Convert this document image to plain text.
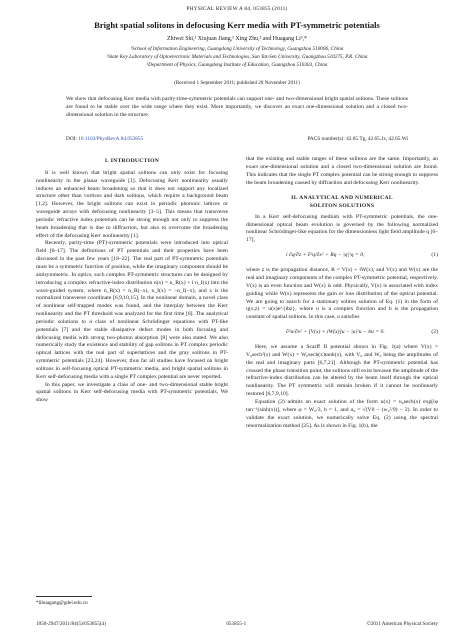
PHYSICAL REVIEW A 84, 053855 (2011)
Bright spatial solitons in defocusing Kerr media with PT-symmetric potentials
Zhiwei Shi,¹ Xiujuan Jiang,¹ Xing Zhu,² and Huagang Li³,*
¹School of Information Engineering, Guangdong University of Technology, Guangzhou 510006, China
²State Key Laboratory of Optoelectronic Materials and Technologies, Sun Yat-Sen University, Guangzhou 510275, P.R. China
³Department of Physics, Guangdong Institute of Education, Guangzhou 510303, China
(Received 1 September 2011; published 28 November 2011)
We show that defocusing Kerr media with parity-time-symmetric potentials can support one- and two-dimensional bright spatial solitons. These solitons are found to be stable over the wide range where they exist. More importantly, we discover an exact one-dimensional solution and a closed two-dimensional solution in the structure.
DOI: 10.1103/PhysRevA.84.053855	PACS number(s): 42.65.Tg, 42.65.Jx, 42.65.Wi
I. INTRODUCTION

It is well known that bright spatial solitons can only exist for focusing nonlinearity in the planar waveguide [1]. Defocusing Kerr nonlinearity usually induces an enhanced beam broadening so that it does not support any localized structure other than vortices and dark solitons, which require a background beam [1,2]. However, the bright solitons can exist in periodic photonic lattices or waveguide arrays with defocusing nonlinearity [3–5]. This means that transverse periodic refractive index potentials can be strong enough not only to suppress the beam broadening that is due to diffraction, but also to overcome the broadening effect of the defocusing Kerr nonlinearity [1].

Recently, parity-time (PT)-symmetric potentials were introduced into optical field [6–17]. The definitions of PT potentials and their properties have been discussed in the past few years [18–22]. The real part of PT-symmetric potentials must be a symmetric function of position, while the imaginary component should be antisymmetric. In optics, such complex PT-symmetric structures can be designed by introducing a complex refractive-index distribution n(x) = n_R(x) + i n_I(x) into the wave-guided system, where n_R(x) = n_R(−x), n_I(x) = −n_I(−x), and x is the normalized transverse coordinate [6,9,10,15]. In the nonlinear domain, a novel class of nonlinear self-trapped modes was found, and the interplay between the Kerr nonlinearity and the PT threshold was analyzed for the first time [6]. The analytical periodic solutions to a class of nonlinear Schrödinger equations with PT-like potentials [7] and the stable dissipative defect modes in both focusing and defocusing media with strong two-photon absorption [8] were also stated. We also numerically study the existence and stability of gap solitons in PT complex periodic optical lattices with the real part of superlattices and the gray solitons in PT-symmetric potentials [23,24]. However, thus far all studies have focused on bright solitons in self-focusing optical PT-symmetric media, and bright spatial solitons in Kerr self-defocusing media with a single PT complex potential are never reported.

In this paper, we investigate a class of one- and two-dimensional stable bright spatial solitons in Kerr self-defocusing media with PT-symmetric potentials. We show

that the existing and stable ranges of these solitons are the same. Importantly, an exact one-dimensional solution and a closed two-dimensional solution are found. This indicates that the single PT complex potential can be strong enough to suppress the beam broadening caused by diffraction and defocusing Kerr nonlinearity.

II. ANALYTICAL AND NUMERICAL
SOLITON SOLUTIONS

In a Kerr self-defocusing medium with PT-symmetric potentials, the one-dimensional optical beam evolution is governed by the following normalized nonlinear Schrödinger-like equation for the dimensionless light field amplitude q [6–17],

i ∂q/∂z + ∂²q/∂x² + Rq − |q|²q = 0,	(1)

where z is the propagation distance, R = V(x) + iW(x), and V(x) and W(x) are the real and imaginary components of the complex PT-symmetric potential, respectively. V(x) is an even function and W(x) is odd. Physically, V(x) is associated with index guiding while W(x) represents the gain or loss distribution of the optical potential. We are going to search for a stationary soliton solution of Eq. (1) in the form of q(x,z) = u(x)e^{ibz}, where u is a complex function and b is the propagation constant of spatial solitons. In this case, u satisfies

∂²u/∂x² + [V(x) + iW(x)]u − |u|²u − bu = 0.	(2)

Here, we assume a Scarff II potential shown in Fig. 1(a) where V(x) = V₀sech²(x) and W(x) = W₀sech(x)tanh(x), with V₀ and W₀ being the amplitudes of the real and imaginary parts [6,7,21]. Although the PT-symmetric potential has crossed the phase transition point, the solitons still exist because the amplitude of the refractive-index distribution can be altered by the beam itself through the optical nonlinearity. The PT symmetric will remain broken if it cannot be nonlinearly restored [6,7,9,10].

Equation (2) admits an exact solution of the form u(x) = u₀sech(x) exp[iφ tan⁻¹(sinh(x))], where φ = W₀/3, b = 1, and u₀ = √(V0 − (w₀²/9) − 2). In order to validate the exact solution, we numerically solve Eq. (2) using the spectral renormalization method [25]. As is shown in Fig. 1(b), the

*lihuagang@gdei.edu.cn
1050-2947/2011/84(5)/053855(4)	053855-1	©2011 American Physical Society
